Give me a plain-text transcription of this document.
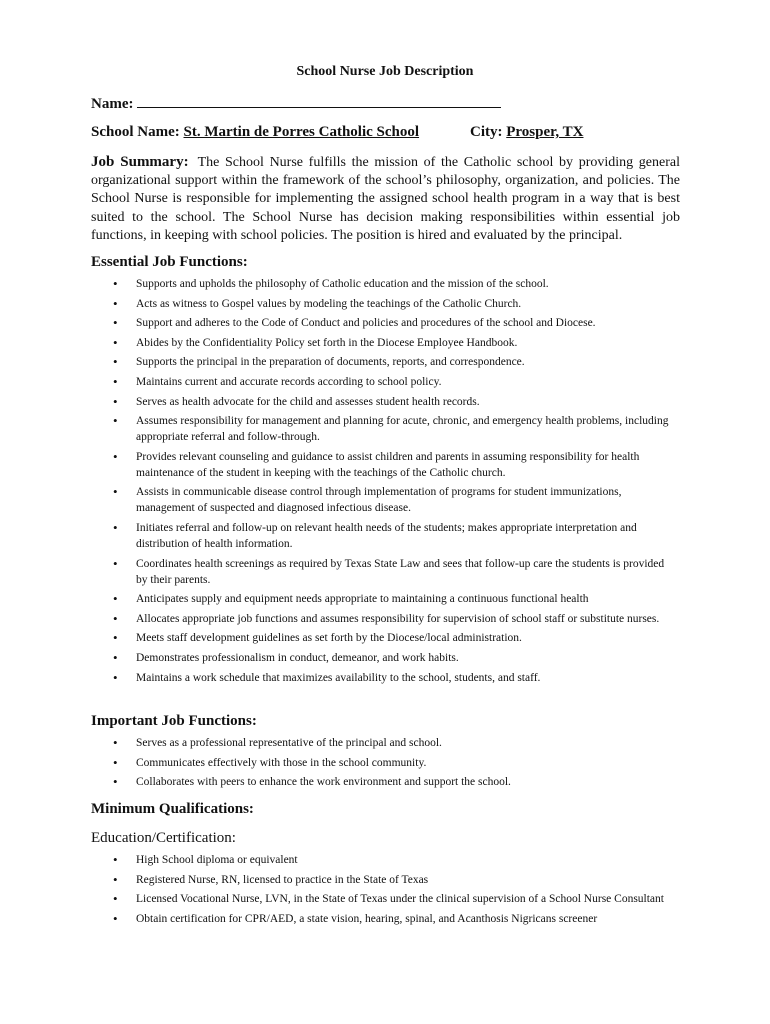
School Nurse Job Description
Name:
School Name: St. Martin de Porres Catholic School	City: Prosper, TX
Job Summary: The School Nurse fulfills the mission of the Catholic school by providing general organizational support within the framework of the school’s philosophy, organization, and policies. The School Nurse is responsible for implementing the assigned school health program in a way that is best suited to the school. The School Nurse has decision making responsibilities within essential job functions, in keeping with school policies. The position is hired and evaluated by the principal.
Essential Job Functions:
• Supports and upholds the philosophy of Catholic education and the mission of the school.
• Acts as witness to Gospel values by modeling the teachings of the Catholic Church.
• Support and adheres to the Code of Conduct and policies and procedures of the school and Diocese.
• Abides by the Confidentiality Policy set forth in the Diocese Employee Handbook.
• Supports the principal in the preparation of documents, reports, and correspondence.
• Maintains current and accurate records according to school policy.
• Serves as health advocate for the child and assesses student health records.
• Assumes responsibility for management and planning for acute, chronic, and emergency health problems, including appropriate referral and follow-through.
• Provides relevant counseling and guidance to assist children and parents in assuming responsibility for health maintenance of the student in keeping with the teachings of the Catholic church.
• Assists in communicable disease control through implementation of programs for student immunizations, management of suspected and diagnosed infectious disease.
• Initiates referral and follow-up on relevant health needs of the students; makes appropriate interpretation and distribution of health information.
• Coordinates health screenings as required by Texas State Law and sees that follow-up care the students is provided by their parents.
• Anticipates supply and equipment needs appropriate to maintaining a continuous functional health
• Allocates appropriate job functions and assumes responsibility for supervision of school staff or substitute nurses.
• Meets staff development guidelines as set forth by the Diocese/local administration.
• Demonstrates professionalism in conduct, demeanor, and work habits.
• Maintains a work schedule that maximizes availability to the school, students, and staff.
Important Job Functions:
• Serves as a professional representative of the principal and school.
• Communicates effectively with those in the school community.
• Collaborates with peers to enhance the work environment and support the school.
Minimum Qualifications:
Education/Certification:
• High School diploma or equivalent
• Registered Nurse, RN, licensed to practice in the State of Texas
• Licensed Vocational Nurse, LVN, in the State of Texas under the clinical supervision of a School Nurse Consultant
• Obtain certification for CPR/AED, a state vision, hearing, spinal, and Acanthosis Nigricans screener
